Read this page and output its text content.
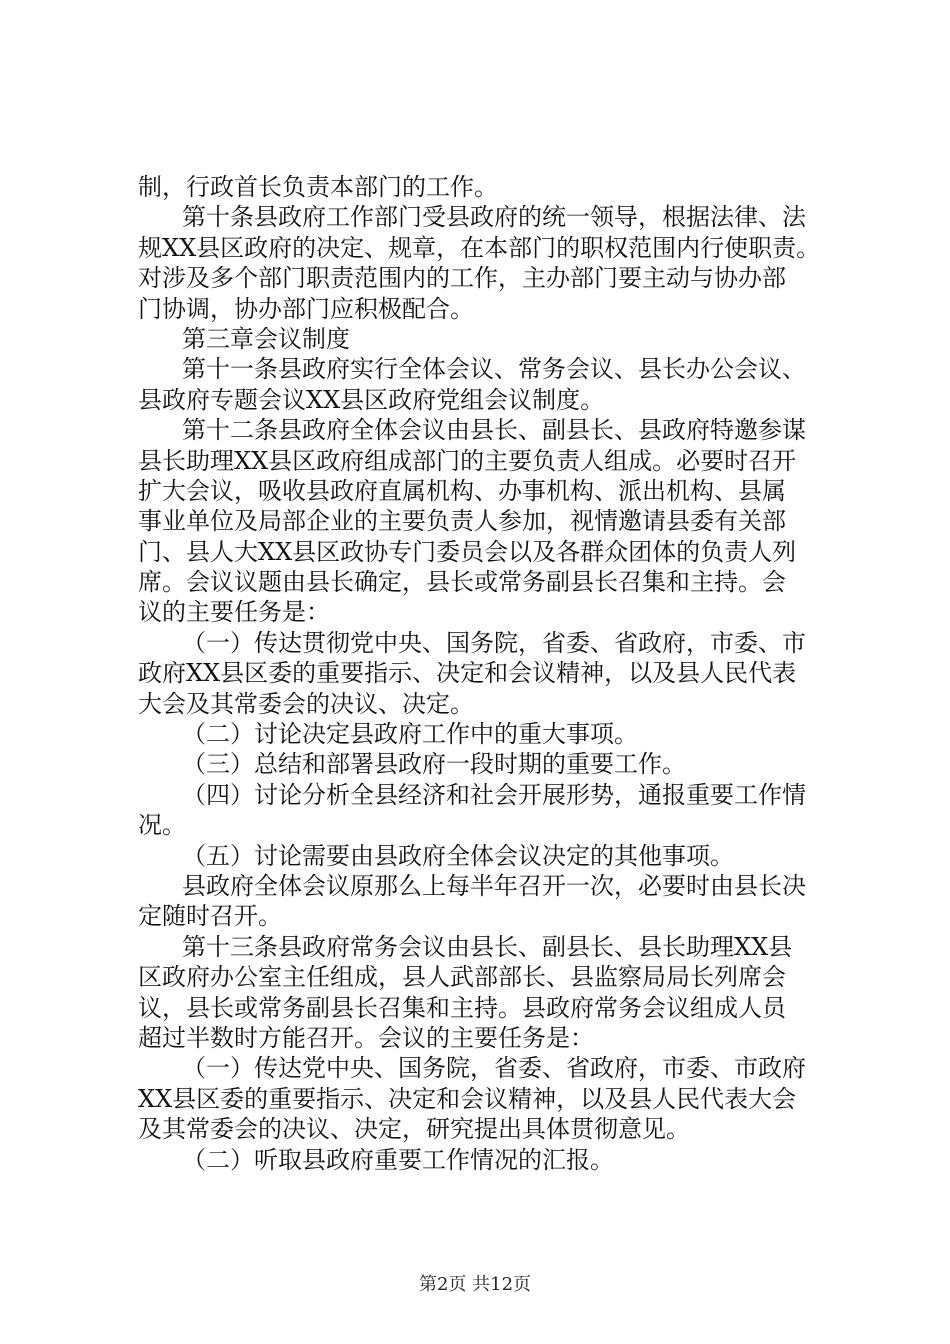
制，行政首长负责本部门的工作。
第十条县政府工作部门受县政府的统一领导，根据法律、法
规XX县区政府的决定、规章，在本部门的职权范围内行使职责。
对涉及多个部门职责范围内的工作，主办部门要主动与协办部
门协调，协办部门应积极配合。
第三章会议制度
第十一条县政府实行全体会议、常务会议、县长办公会议、
县政府专题会议XX县区政府党组会议制度。
第十二条县政府全体会议由县长、副县长、县政府特邀参谋
县长助理XX县区政府组成部门的主要负责人组成。必要时召开
扩大会议，吸收县政府直属机构、办事机构、派出机构、县属
事业单位及局部企业的主要负责人参加，视情邀请县委有关部
门、县人大XX县区政协专门委员会以及各群众团体的负责人列
席。会议议题由县长确定，县长或常务副县长召集和主持。会
议的主要任务是：
（一）传达贯彻党中央、国务院，省委、省政府，市委、市
政府XX县区委的重要指示、决定和会议精神，以及县人民代表
大会及其常委会的决议、决定。
（二）讨论决定县政府工作中的重大事项。
（三）总结和部署县政府一段时期的重要工作。
（四）讨论分析全县经济和社会开展形势，通报重要工作情
况。
（五）讨论需要由县政府全体会议决定的其他事项。
县政府全体会议原那么上每半年召开一次，必要时由县长决
定随时召开。
第十三条县政府常务会议由县长、副县长、县长助理XX县
区政府办公室主任组成，县人武部部长、县监察局局长列席会
议，县长或常务副县长召集和主持。县政府常务会议组成人员
超过半数时方能召开。会议的主要任务是：
（一）传达党中央、国务院，省委、省政府，市委、市政府
XX县区委的重要指示、决定和会议精神，以及县人民代表大会
及其常委会的决议、决定，研究提出具体贯彻意见。
（二）听取县政府重要工作情况的汇报。
第2页 共12页
